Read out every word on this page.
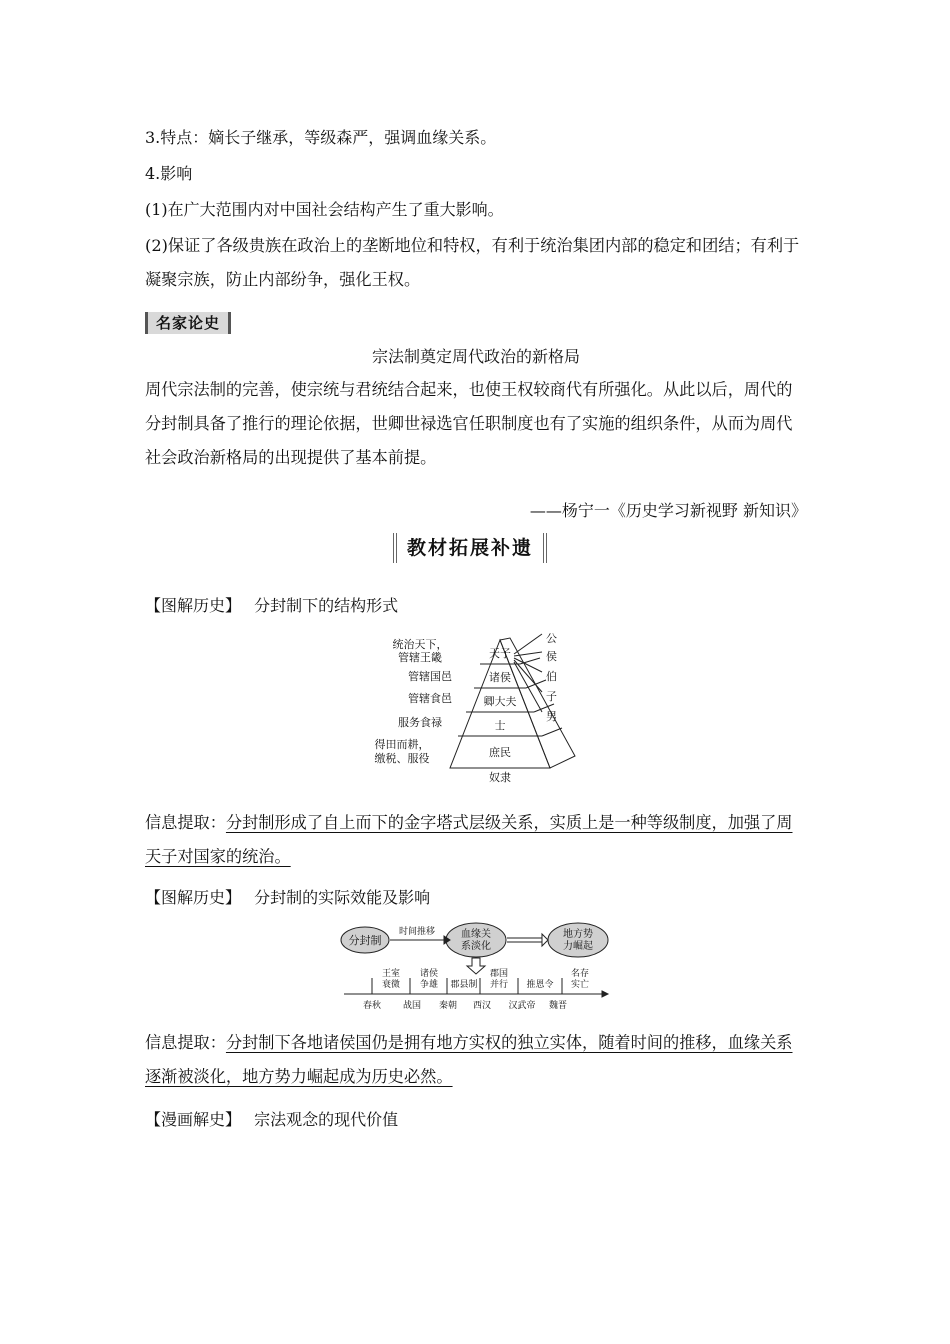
3.特点：嫡长子继承，等级森严，强调血缘关系。
4.影响
(1)在广大范围内对中国社会结构产生了重大影响。
(2)保证了各级贵族在政治上的垄断地位和特权，有利于统治集团内部的稳定和团结；有利于凝聚宗族，防止内部纷争，强化王权。
名家论史
宗法制奠定周代政治的新格局
周代宗法制的完善，使宗统与君统结合起来，也使王权较商代有所强化。从此以后，周代的分封制具备了推行的理论依据，世卿世禄选官任职制度也有了实施的组织条件，从而为周代社会政治新格局的出现提供了基本前提。
——杨宁一《历史学习新视野 新知识》
教材拓展补遗
【图解历史】 分封制下的结构形式
天子
诸侯
卿大夫
士
庶民
奴隶
统治天下，
管辖王畿
管辖国邑
管辖食邑
服务食禄
得田而耕，
缴税、服役
公
侯
伯
子
男
信息提取：分封制形成了自上而下的金字塔式层级关系，实质上是一种等级制度，加强了周天子对国家的统治。
【图解历史】 分封制的实际效能及影响
分封制
时间推移	血缘关
系淡化
地方势
力崛起
王室
衰微
诸侯
争雄 郡县制
郡国
并行 推恩令
名存
实亡
春秋 战国 秦朝 西汉 汉武帝 魏晋
信息提取：分封制下各地诸侯国仍是拥有地方实权的独立实体，随着时间的推移，血缘关系逐渐被淡化，地方势力崛起成为历史必然。
【漫画解史】 宗法观念的现代价值
